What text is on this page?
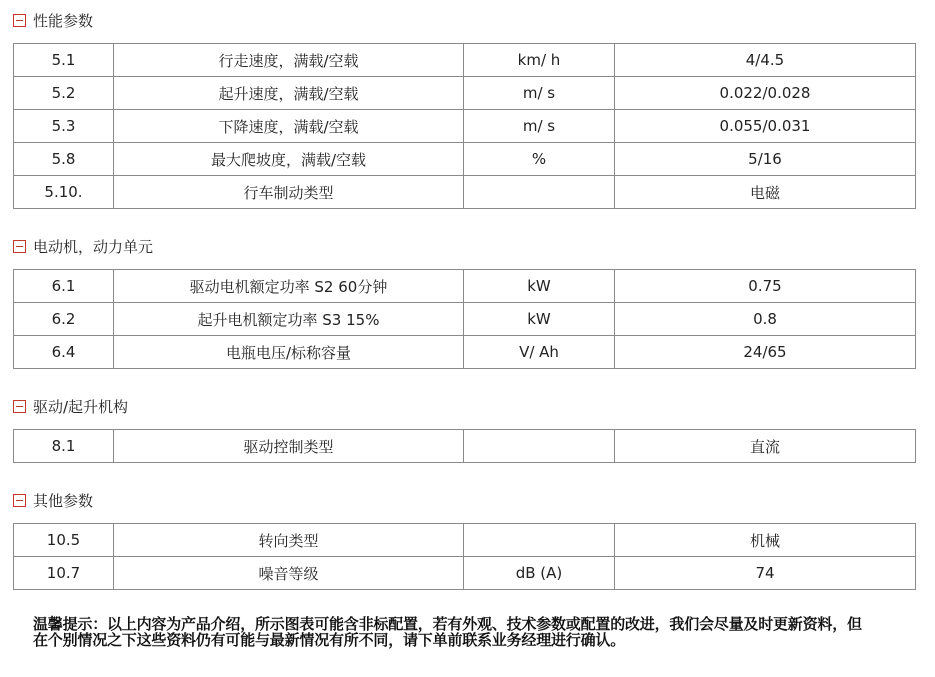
性能参数
5.1	行走速度，满载/空载	km/ h	4/4.5
5.2	起升速度，满载/空载	m/ s	0.022/0.028
5.3	下降速度，满载/空载	m/ s	0.055/0.031
5.8	最大爬坡度，满载/空载	%	5/16
5.10.	行车制动类型		电磁
电动机，动力单元
6.1	驱动电机额定功率 S2 60分钟	kW	0.75
6.2	起升电机额定功率 S3 15%	kW	0.8
6.4	电瓶电压/标称容量	V/ Ah	24/65
驱动/起升机构
8.1	驱动控制类型		直流
其他参数
10.5	转向类型		机械
10.7	噪音等级	dB (A)	74

温馨提示：以上内容为产品介绍，所示图表可能含非标配置，若有外观、技术参数或配置的改进，我们会尽量及时更新资料，但

在个别情况之下这些资料仍有可能与最新情况有所不同，请下单前联系业务经理进行确认。
